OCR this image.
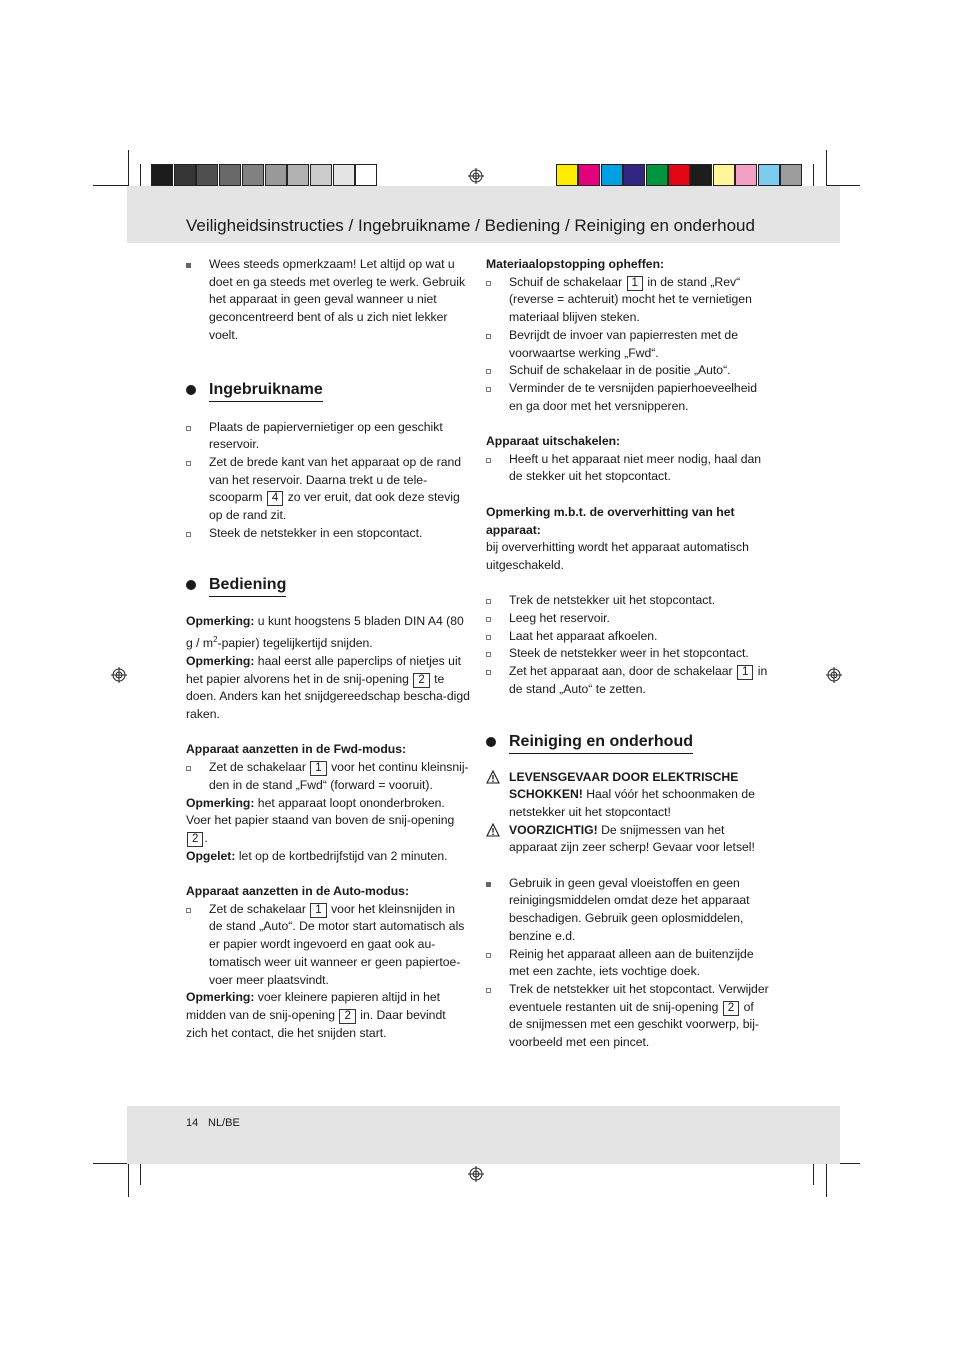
Veiligheidsinstructies / Ingebruikname / Bediening / Reiniging en onderhoud
Wees steeds opmerkzaam! Let altijd op wat u doet en ga steeds met overleg te werk. Gebruik het apparaat in geen geval wanneer u niet geconcentreerd bent of als u zich niet lekker voelt.
Ingebruikname
Plaats de papiervernietiger op een geschikt reservoir.
Zet de brede kant van het apparaat op de rand van het reservoir. Daarna trekt u de tele-scooparm 4 zo ver eruit, dat ook deze stevig op de rand zit.
Steek de netstekker in een stopcontact.
Bediening

Opmerking: u kunt hoogstens 5 bladen DIN A4 (80 g / $m^2-papier$) tegelijkertijd snijden.

Opmerking: haal eerst alle paperclips of nietjes uit het papier alvorens het in de snij-opening 2 te doen. Anders kan het snijdgereedschap bescha-digd raken.

Apparaat aanzetten in de Fwd-modus:

Zet de schakelaar 1 voor het continu kleinsnij-den in de stand „Fwd“ (forward = vooruit).

Opmerking: het apparaat loopt ononderbroken. Voer het papier staand van boven de snij-opening 2 .

Opgelet: let op de kortbedrijfstijd van 2 minuten.

Apparaat aanzetten in de Auto-modus:

Zet de schakelaar 1 voor het kleinsnijden in de stand „Auto“. De motor start automatisch als er papier wordt ingevoerd en gaat ook au-tomatisch weer uit wanneer er geen papiertoe-voer meer plaatsvindt.

Opmerking: voer kleinere papieren altijd in het midden van de snij-opening 2 in. Daar bevindt zich het contact, die het snijden start.

Materiaalopstopping opheffen:

Schuif de schakelaar 1 in de stand „Rev“ (reverse = achteruit) mocht het te vernietigen materiaal blijven steken.
Bevrijdt de invoer van papierresten met de voorwaartse werking „Fwd“.
Schuif de schakelaar in de positie „Auto“.
Verminder de te versnijden papierhoeveelheid en ga door met het versnipperen.

Apparaat uitschakelen:

Heeft u het apparaat niet meer nodig, haal dan de stekker uit het stopcontact.

Opmerking m.b.t. de oververhitting van het apparaat:

bij oververhitting wordt het apparaat automatisch uitgeschakeld.

Trek de netstekker uit het stopcontact.
Leeg het reservoir.
Laat het apparaat afkoelen.
Steek de netstekker weer in het stopcontact.
Zet het apparaat aan, door de schakelaar 1 in de stand „Auto“ te zetten.
Reiniging en onderhoud
LEVENSGEVAAR DOOR ELEKTRISCHE SCHOKKEN! Haal vóór het schoonmaken de netstekker uit het stopcontact!
VOORZICHTIG! De snijmessen van het apparaat zijn zeer scherp! Gevaar voor letsel!
Gebruik in geen geval vloeistoffen en geen reinigingsmiddelen omdat deze het apparaat beschadigen. Gebruik geen oplosmiddelen, benzine e.d.
Reinig het apparaat alleen aan de buitenzijde met een zachte, iets vochtige doek.
Trek de netstekker uit het stopcontact. Verwijder eventuele restanten uit de snij-opening 2 of de snijmessen met een geschikt voorwerp, bij-voorbeeld met een pincet.
14 NL/BE
